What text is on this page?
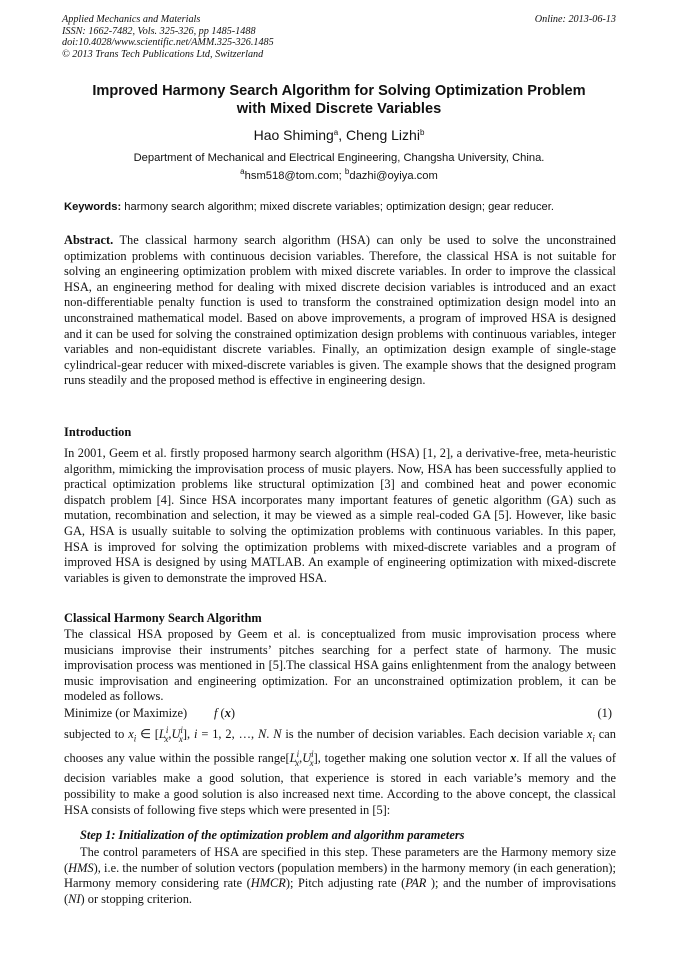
Applied Mechanics and Materials
ISSN: 1662-7482, Vols. 325-326, pp 1485-1488
doi:10.4028/www.scientific.net/AMM.325-326.1485
© 2013 Trans Tech Publications Ltd, Switzerland
Online: 2013-06-13
Improved Harmony Search Algorithm for Solving Optimization Problem
with Mixed Discrete Variables
Hao Shiming$^a$, Cheng Lizhi$^b$
Department of Mechanical and Electrical Engineering, Changsha University, China.
$^a$hsm518@tom.com; $^b$dazhi@oyiya.com
Keywords: harmony search algorithm; mixed discrete variables; optimization design; gear reducer.

Abstract. The classical harmony search algorithm (HSA) can only be used to solve the unconstrained optimization problems with continuous decision variables. Therefore, the classical HSA is not suitable for solving an engineering optimization problem with mixed discrete variables. In order to improve the classical HSA, an engineering method for dealing with mixed discrete decision variables is introduced and an exact non-differentiable penalty function is used to transform the constrained optimization design model into an unconstrained mathematical model. Based on above improvements, a program of improved HSA is designed and it can be used for solving the constrained optimization design problems with continuous variables, integer variables and non-equidistant discrete variables. Finally, an optimization design example of single-stage cylindrical-gear reducer with mixed-discrete variables is given. The example shows that the designed program runs steadily and the proposed method is effective in engineering design.

Introduction

In 2001, Geem et al. firstly proposed harmony search algorithm (HSA) [1, 2], a derivative-free, meta-heuristic algorithm, mimicking the improvisation process of music players. Now, HSA has been successfully applied to practical optimization problems like structural optimization [3] and combined heat and power economic dispatch problem [4]. Since HSA incorporates many important features of genetic algorithm (GA) such as mutation, recombination and selection, it may be viewed as a simple real-coded GA [5]. However, like basic GA, HSA is usually suitable to solving the optimization problems with continuous variables. In this paper, HSA is improved for solving the optimization problems with mixed-discrete variables and a program of improved HSA is designed by using MATLAB. An example of engineering optimization with mixed-discrete variables is given to demonstrate the improved HSA.

Classical Harmony Search Algorithm

The classical HSA proposed by Geem et al. is conceptualized from music improvisation process where musicians improvise their instruments’ pitches searching for a perfect state of harmony. The music improvisation process was mentioned in [5].The classical HSA gains enlightenment from the analogy between music improvisation and engineering optimization. For an unconstrained optimization problem, it can be modeled as follows.

Minimize (or Maximize) f (x)	(1)

subjected to $x_i$ ∈ $[L^i_x,U^i_x]$, i = 1, 2, …, N. N is the number of decision variables. Each decision variable $x_i$ can chooses any value within the possible $range[L^i_x,U^i_x]$, together making one solution vector x. If all the values of decision variables make a good solution, that experience is stored in each variable’s memory and the possibility to make a good solution is also increased next time. According to the above concept, the classical HSA consists of following five steps which were presented in [5]:

Step 1: Initialization of the optimization problem and algorithm parameters

The control parameters of HSA are specified in this step. These parameters are the Harmony memory size (HMS), i.e. the number of solution vectors (population members) in the harmony memory (in each generation); Harmony memory considering rate (HMCR); Pitch adjusting rate (PAR ); and the number of improvisations (NI) or stopping criterion.
